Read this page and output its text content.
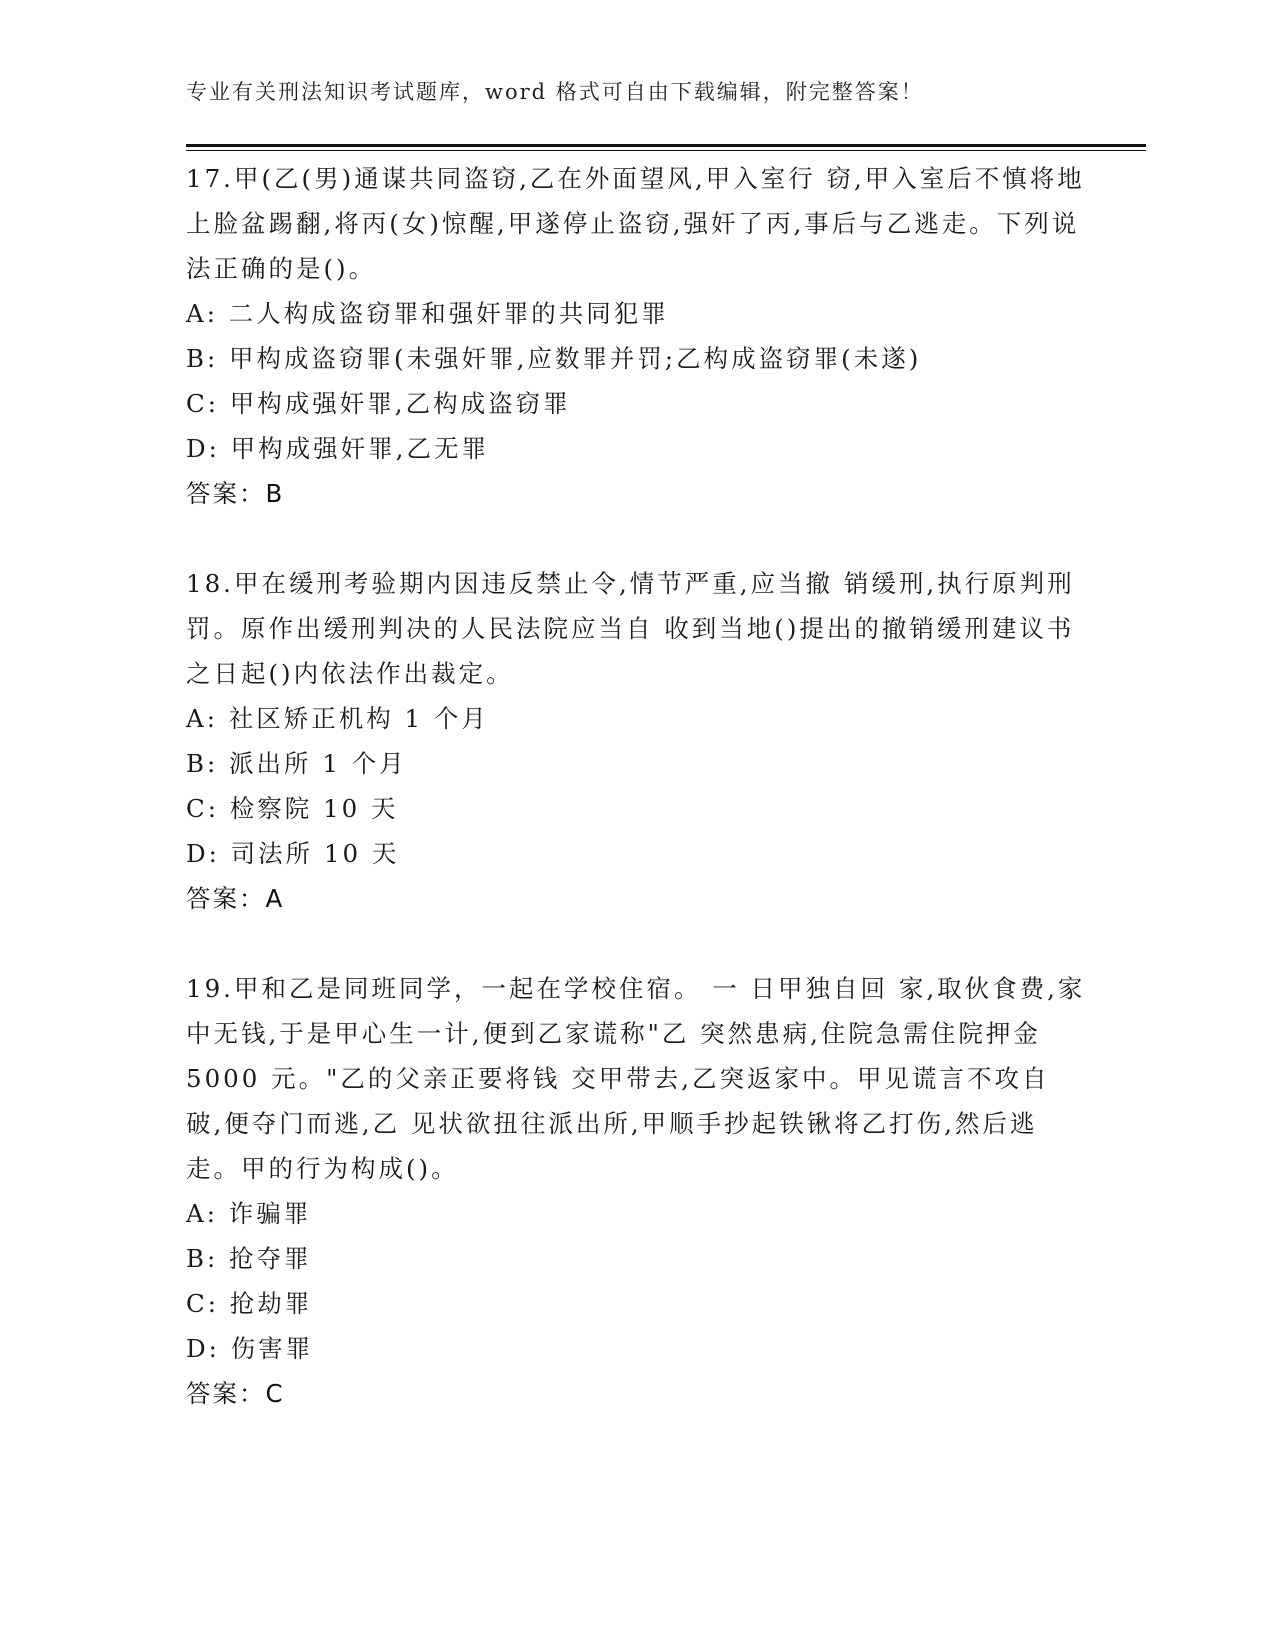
专业有关刑法知识考试题库，word 格式可自由下载编辑，附完整答案！

17.甲(乙(男)通谋共同盗窃,乙在外面望风,甲入室行 窃,甲入室后不慎将地上脸盆踢翻,将丙(女)惊醒,甲遂停止盗窃,强奸了丙,事后与乙逃走。下列说法正确的是()。

A: 二人构成盗窃罪和强奸罪的共同犯罪
B: 甲构成盗窃罪(未强奸罪,应数罪并罚;乙构成盗窃罪(未遂)
C: 甲构成强奸罪,乙构成盗窃罪
D: 甲构成强奸罪,乙无罪
答案：B

18.甲在缓刑考验期内因违反禁止令,情节严重,应当撤 销缓刑,执行原判刑罚。原作出缓刑判决的人民法院应当自 收到当地()提出的撤销缓刑建议书之日起()内依法作出裁定。

A: 社区矫正机构 1 个月
B: 派出所 1 个月
C: 检察院 10 天
D: 司法所 10 天
答案：A

19.甲和乙是同班同学，一起在学校住宿。 一 日甲独自回 家,取伙食费,家中无钱,于是甲心生一计,便到乙家谎称"乙 突然患病,住院急需住院押金 5000 元。"乙的父亲正要将钱 交甲带去,乙突返家中。甲见谎言不攻自破,便夺门而逃,乙 见状欲扭往派出所,甲顺手抄起铁锹将乙打伤,然后逃走。甲的行为构成()。

A: 诈骗罪
B: 抢夺罪
C: 抢劫罪
D: 伤害罪
答案：C
